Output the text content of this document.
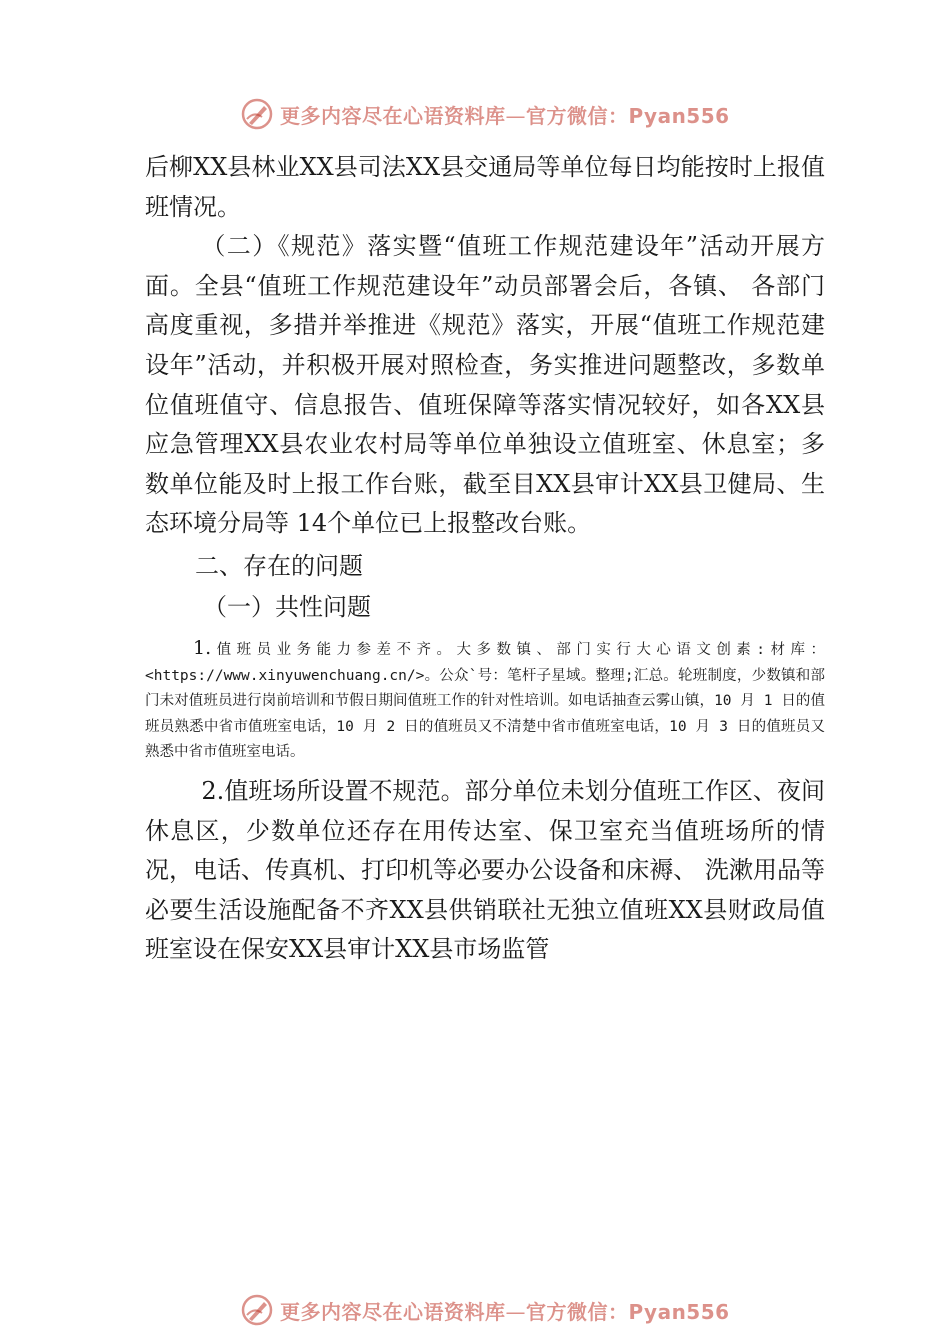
更多内容尽在心语资料库—官方微信：Pyan556

后柳XX县林业XX县司法XX县交通局等单位每日均能按时上报值班情况。

（二）《规范》落实暨“值班工作规范建设年”活动开展方面。全县“值班工作规范建设年”动员部署会后，各镇、 各部门高度重视，多措并举推进《规范》落实，开展“值班工作规范建设年”活动，并积极开展对照检查，务实推进问题整改，多数单位值班值守、信息报告、值班保障等落实情况较好，如各XX县应急管理XX县农业农村局等单位单独设立值班室、休息室；多数单位能及时上报工作台账，截至目XX县审计XX县卫健局、生态环境分局等 14个单位已上报整改台账。

二、存在的问题

（一）共性问题

1.值班员业务能力参差不齐。大多数镇、部门实行大心语文创素:材库：<https://www.xinyuwenchuang.cn/>。公众`号：笔杆子星域。整理;汇总。轮班制度，少数镇和部门未对值班员进行岗前培训和节假日期间值班工作的针对性培训。如电话抽查云雾山镇，10 月 1 日的值班员熟悉中省市值班室电话，10 月 2 日的值班员又不清楚中省市值班室电话，10 月 3 日的值班员又熟悉中省市值班室电话。

2.值班场所设置不规范。部分单位未划分值班工作区、夜间休息区，少数单位还存在用传达室、保卫室充当值班场所的情况，电话、传真机、打印机等必要办公设备和床褥、 洗漱用品等必要生活设施配备不齐XX县供销联社无独立值班XX县财政局值班室设在保安XX县审计XX县市场监管

更多内容尽在心语资料库—官方微信：Pyan556
